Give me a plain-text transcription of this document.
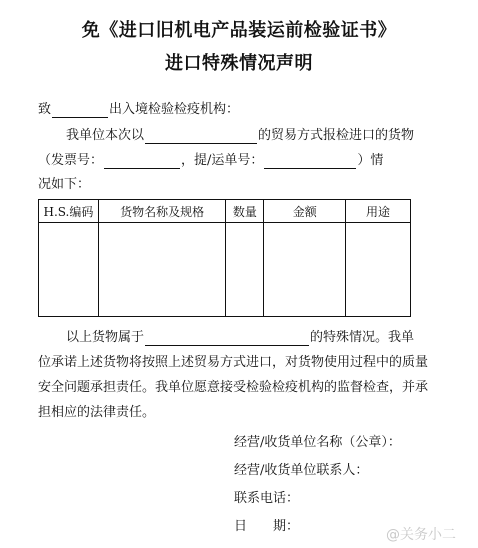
免《进口旧机电产品装运前检验证书》
进口特殊情况声明
致	出入境检验检疫机构：
我单位本次以	的贸易方式报检进口的货物
（发票号：	，提/运单号：	）情
况如下：
H.S.编码	货物名称及规格	数量	金额	用途

以上货物属于	的特殊情况。我单
位承诺上述货物将按照上述贸易方式进口，对货物使用过程中的质量
安全问题承担责任。我单位愿意接受检验检疫机构的监督检查，并承
担相应的法律责任。
经营/收货单位名称（公章）：
经营/收货单位联系人：
联系电话：
日　　期：
@关务小二
